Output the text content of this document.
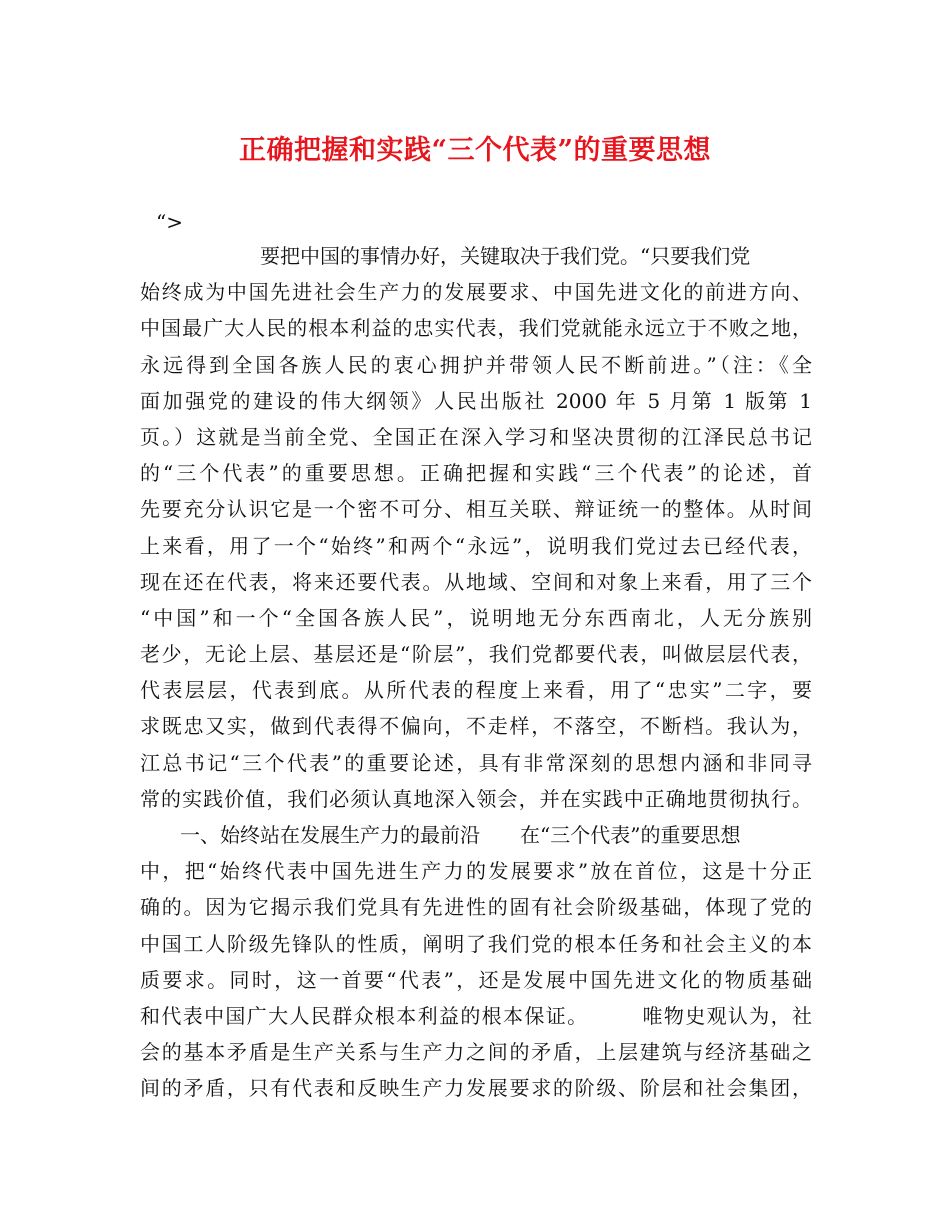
正确把握和实践“三个代表”的重要思想
“>
　　　　　　要把中国的事情办好，关键取决于我们党。“只要我们党
始终成为中国先进社会生产力的发展要求、中国先进文化的前进方向、
中国最广大人民的根本利益的忠实代表，我们党就能永远立于不败之地，
永远得到全国各族人民的衷心拥护并带领人民不断前进。”（注：《全
面加强党的建设的伟大纲领》人民出版社 2000 年 5 月第 1 版第 1
页。）这就是当前全党、全国正在深入学习和坚决贯彻的江泽民总书记
的“三个代表”的重要思想。正确把握和实践“三个代表”的论述，首
先要充分认识它是一个密不可分、相互关联、辩证统一的整体。从时间
上来看，用了一个“始终”和两个“永远”，说明我们党过去已经代表，
现在还在代表，将来还要代表。从地域、空间和对象上来看，用了三个
“中国”和一个“全国各族人民”，说明地无分东西南北，人无分族别
老少，无论上层、基层还是“阶层”，我们党都要代表，叫做层层代表，
代表层层，代表到底。从所代表的程度上来看，用了“忠实”二字，要
求既忠又实，做到代表得不偏向，不走样，不落空，不断档。我认为，
江总书记“三个代表”的重要论述，具有非常深刻的思想内涵和非同寻
常的实践价值，我们必须认真地深入领会，并在实践中正确地贯彻执行。
　　一、始终站在发展生产力的最前沿　　在“三个代表”的重要思想
中，把“始终代表中国先进生产力的发展要求”放在首位，这是十分正
确的。因为它揭示我们党具有先进性的固有社会阶级基础，体现了党的
中国工人阶级先锋队的性质，阐明了我们党的根本任务和社会主义的本
质要求。同时，这一首要“代表”，还是发展中国先进文化的物质基础
和代表中国广大人民群众根本利益的根本保证。　　　唯物史观认为，社
会的基本矛盾是生产关系与生产力之间的矛盾，上层建筑与经济基础之
间的矛盾，只有代表和反映生产力发展要求的阶级、阶层和社会集团，
